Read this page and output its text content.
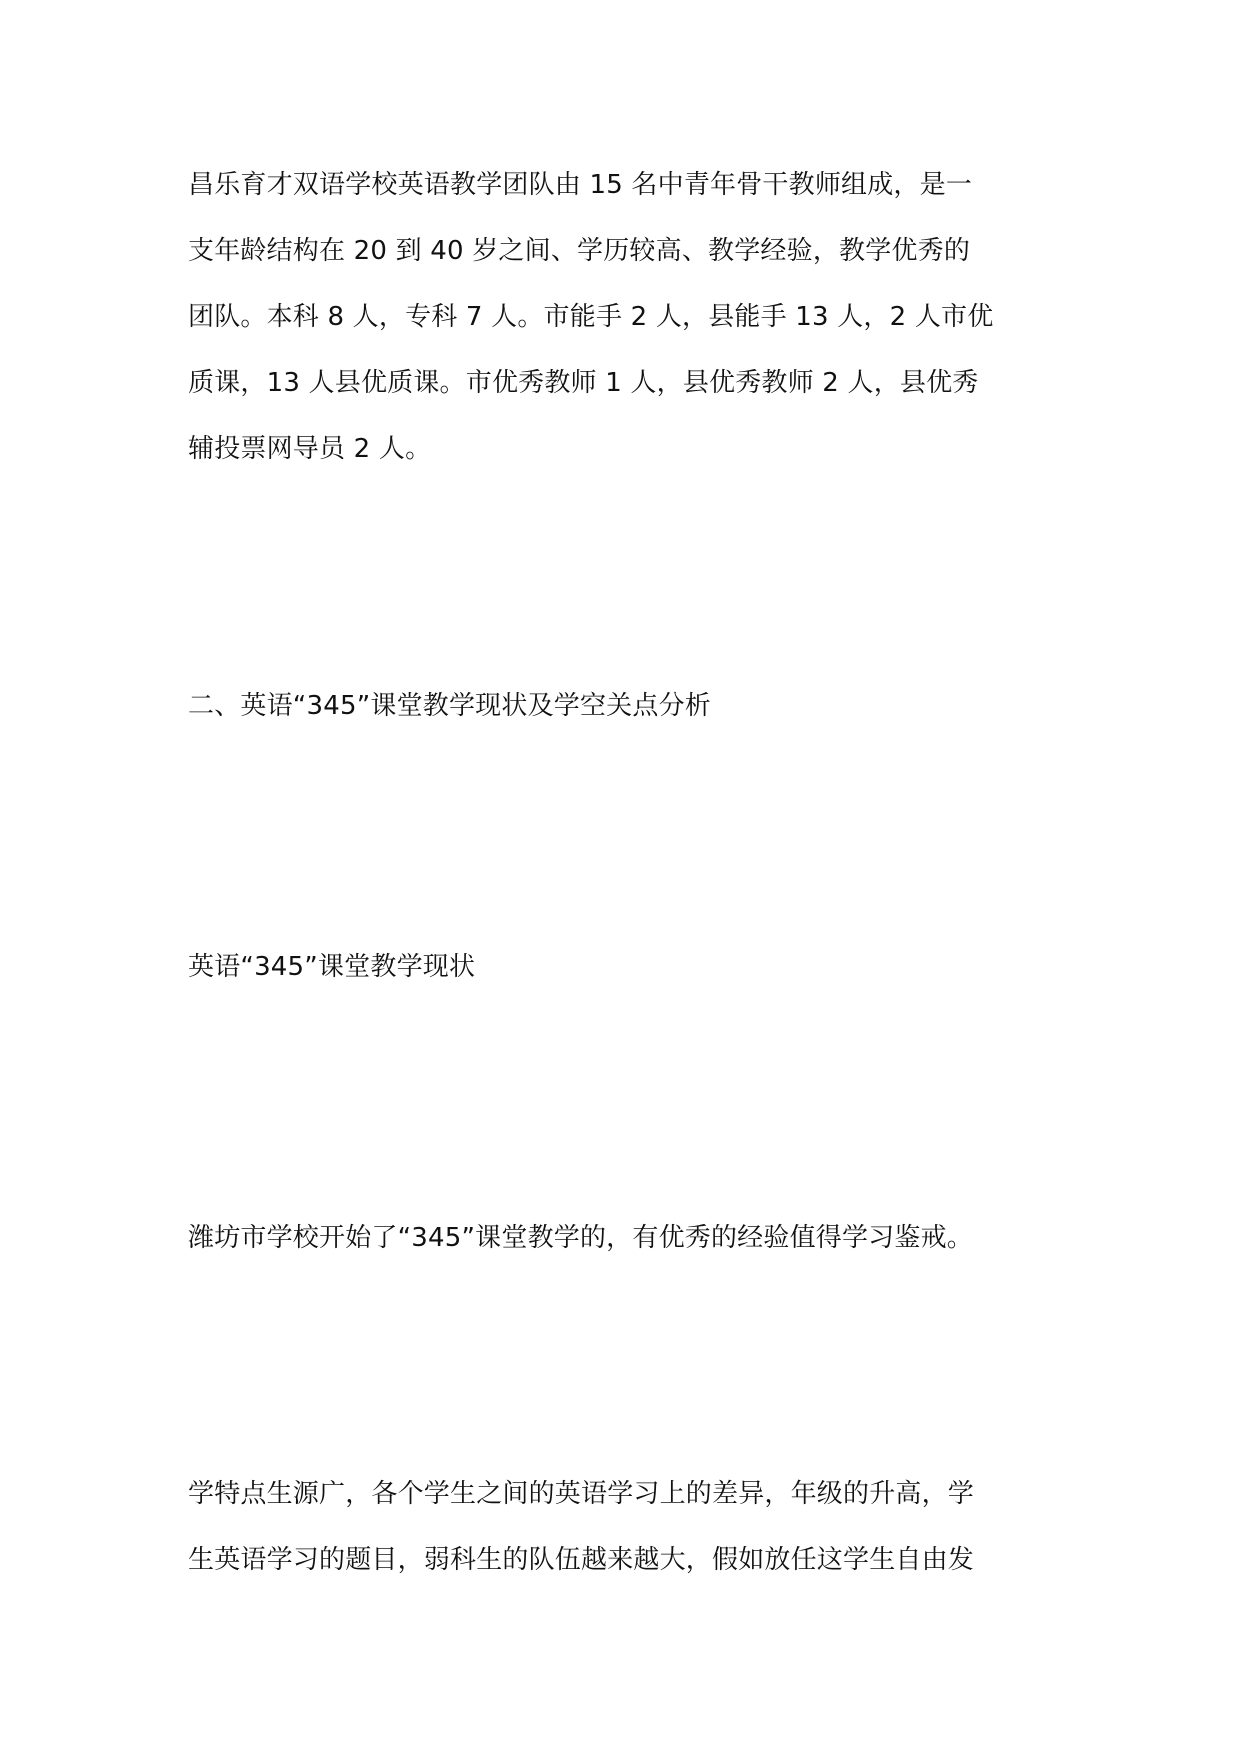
昌乐育才双语学校英语教学团队由 15 名中青年骨干教师组成，是一
支年龄结构在 20 到 40 岁之间、学历较高、教学经验，教学优秀的
团队。本科 8 人，专科 7 人。市能手 2 人，县能手 13 人，2 人市优
质课，13 人县优质课。市优秀教师 1 人，县优秀教师 2 人，县优秀
辅投票网导员 2 人。
二、英语“345”课堂教学现状及学空关点分析
英语“345”课堂教学现状
潍坊市学校开始了“345”课堂教学的，有优秀的经验值得学习鉴戒。
学特点生源广，各个学生之间的英语学习上的差异，年级的升高，学
生英语学习的题目，弱科生的队伍越来越大，假如放任这学生自由发
